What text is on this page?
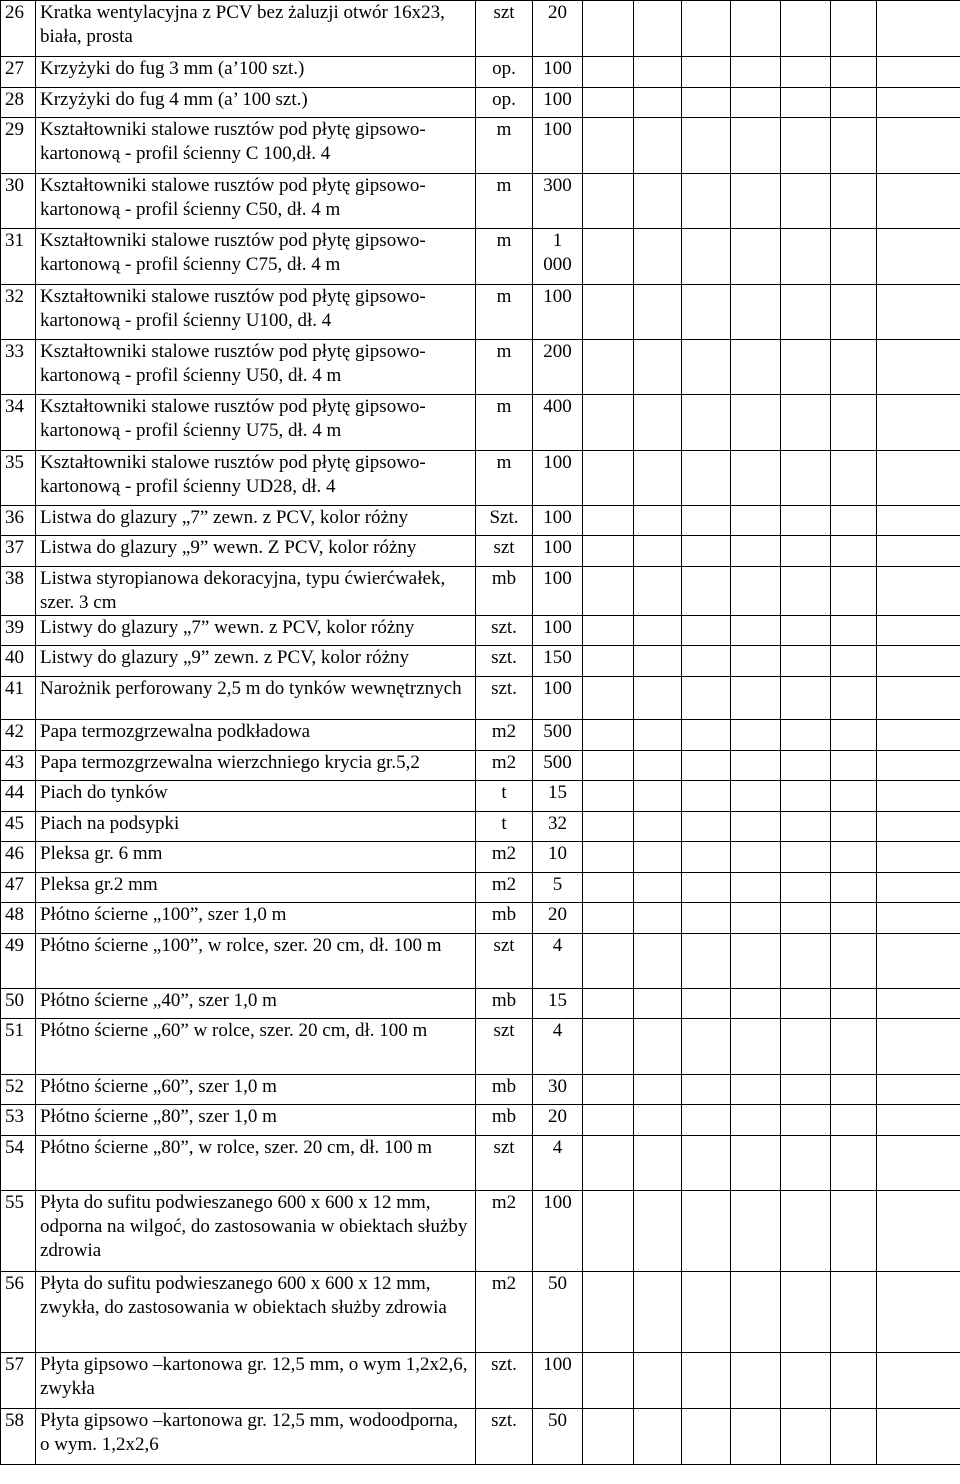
26	Kratka wentylacyjna z PCV bez żaluzji otwór 16x23, biała, prosta	szt	20							
27	Krzyżyki do fug 3 mm (a’100 szt.)	op.	100							
28	Krzyżyki do fug 4 mm (a’ 100 szt.)	op.	100							
29	Kształtowniki stalowe rusztów pod płytę gipsowo- kartonową - profil ścienny C 100,dł. 4	m	100							
30	Kształtowniki stalowe rusztów pod płytę gipsowo- kartonową - profil ścienny C50, dł. 4 m	m	300							
31	Kształtowniki stalowe rusztów pod płytę gipsowo- kartonową - profil ścienny C75, dł. 4 m	m	1 000							
32	Kształtowniki stalowe rusztów pod płytę gipsowo- kartonową - profil ścienny U100, dł. 4	m	100							
33	Kształtowniki stalowe rusztów pod płytę gipsowo- kartonową - profil ścienny U50, dł. 4 m	m	200							
34	Kształtowniki stalowe rusztów pod płytę gipsowo- kartonową - profil ścienny U75, dł. 4 m	m	400							
35	Kształtowniki stalowe rusztów pod płytę gipsowo- kartonową - profil ścienny UD28, dł. 4	m	100							
36	Listwa do glazury „7” zewn. z PCV, kolor różny	Szt.	100							
37	Listwa do glazury „9” wewn. Z PCV, kolor różny	szt	100							
38	Listwa styropianowa dekoracyjna, typu ćwierćwałek, szer. 3 cm	mb	100							
39	Listwy do glazury „7” wewn. z PCV, kolor różny	szt.	100							
40	Listwy do glazury „9” zewn. z PCV, kolor różny	szt.	150							
41	Narożnik perforowany 2,5 m do tynków wewnętrznych	szt.	100							
42	Papa termozgrzewalna podkładowa	m2	500							
43	Papa termozgrzewalna wierzchniego krycia gr.5,2	m2	500							
44	Piach do tynków	t	15							
45	Piach na podsypki	t	32							
46	Pleksa gr. 6 mm	m2	10							
47	Pleksa gr.2 mm	m2	5							
48	Płótno ścierne „100”, szer 1,0 m	mb	20							
49	Płótno ścierne „100”, w rolce, szer. 20 cm, dł. 100 m	szt	4							
50	Płótno ścierne „40”, szer 1,0 m	mb	15							
51	Płótno ścierne „60” w rolce, szer. 20 cm, dł. 100 m	szt	4							
52	Płótno ścierne „60”, szer 1,0 m	mb	30							
53	Płótno ścierne „80”, szer 1,0 m	mb	20							
54	Płótno ścierne „80”, w rolce, szer. 20 cm, dł. 100 m	szt	4							
55	Płyta do sufitu podwieszanego 600 x 600 x 12 mm, odporna na wilgoć, do zastosowania w obiektach służby zdrowia	m2	100							
56	Płyta do sufitu podwieszanego 600 x 600 x 12 mm, zwykła, do zastosowania w obiektach służby zdrowia	m2	50							
57	Płyta gipsowo –kartonowa gr. 12,5 mm, o wym 1,2x2,6, zwykła	szt.	100							
58	Płyta gipsowo –kartonowa gr. 12,5 mm, wodoodporna, o wym. 1,2x2,6	szt.	50							
